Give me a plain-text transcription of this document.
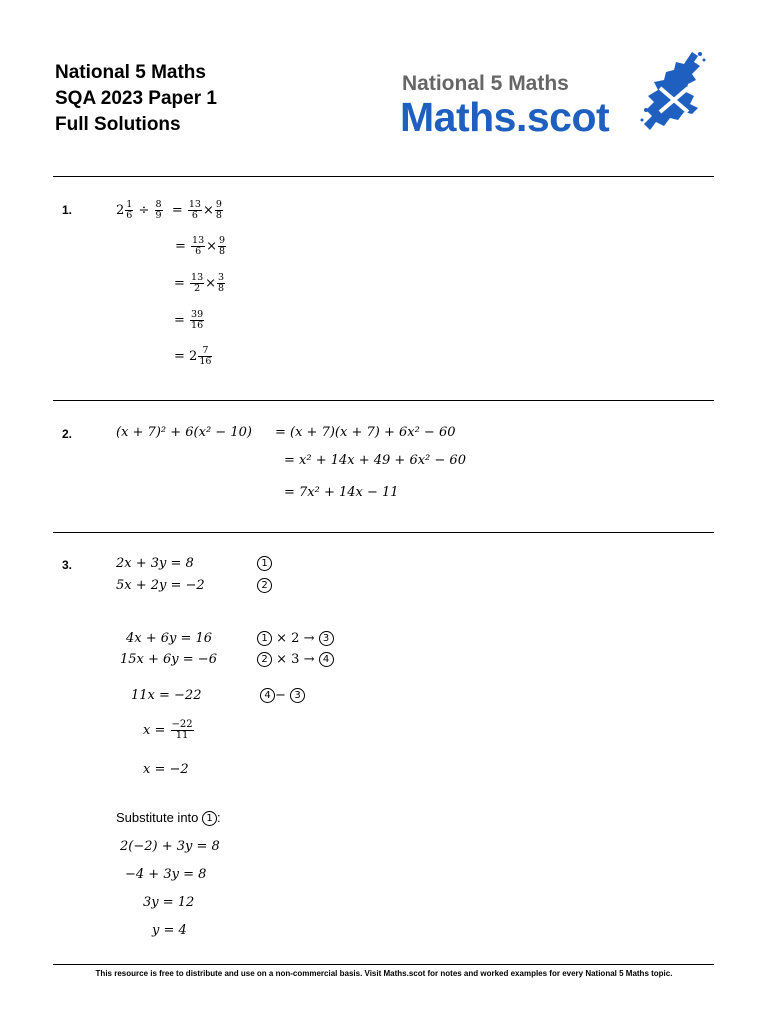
National 5 Maths
SQA 2023 Paper 1
Full Solutions
National 5 Maths
Maths.scot
1.	$2 \frac{1}{6} \div \frac{8}{9} = \frac{13}{6} \times \frac{9}{8}$
= $\frac{13}{6} \times \frac{9}{8}$
= $\frac{13}{2} \times \frac{3}{8}$
= $\frac{39}{16}$
= $2 \frac{7}{16}$
2.	(x + 7)² + 6(x² − 10) = (x + 7)(x + 7) + 6x² − 60
= x² + 14x + 49 + 6x² − 60
= 7x² + 14x − 11
3.	2x + 3y = 8	1
5x + 2y = −2	2
4x + 6y = 16	1 × 2 → 3
15x + 6y = −6	2 × 3 → 4
11x = −22	4 − 3
$x = \frac{-22}{11}$
x = −2
Substitute into 1 :
2(−2) + 3y = 8
−4 + 3y = 8
3y = 12
y = 4
This resource is free to distribute and use on a non-commercial basis. Visit Maths.scot for notes and worked examples for every National 5 Maths topic.
